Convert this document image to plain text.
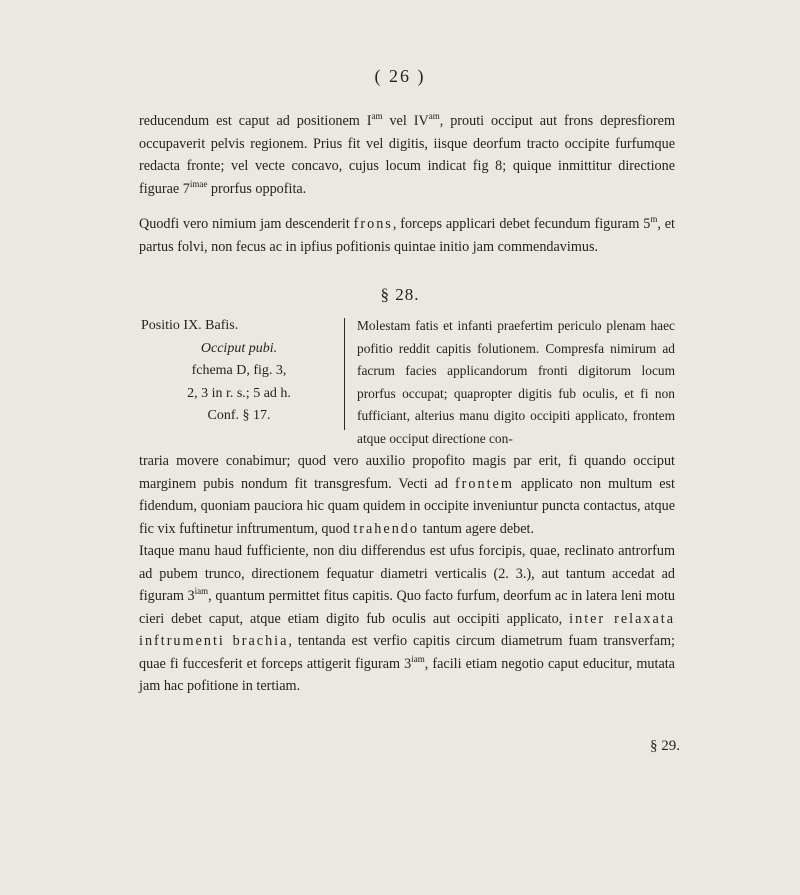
( 26 )

reducendum est caput ad positionem $I^{am}$ vel $IV^{am}$, prouti occiput aut frons depresfiorem occupaverit pelvis regionem. Prius fit vel digitis, iisque deorfum tracto occipite furfumque redacta fronte; vel vecte concavo, cujus locum indicat fig 8; quique inmittitur directione figurae $7^{imae}$ prorfus oppofita.

Quodfi vero nimium jam descenderit frons, forceps applicari debet fecundum figuram 5$^m$, et partus folvi, non fecus ac in ipfius pofitionis quintae initio jam commendavimus.

§ 28.
Positio IX. Bafis.
Occiput pubi.
fchema D, fig. 3,
2, 3 in r. s.; 5 ad h.
Conf. § 17.

Molestam fatis et infanti praefertim periculo plenam haec pofitio reddit capitis folutionem. Compresfa nimirum ad facrum facies applicandorum fronti digitorum locum prorfus occupat; quapropter digitis fub oculis, et fi non fufficiant, alterius manu digito occipiti applicato, frontem atque occiput directione con-

traria movere conabimur; quod vero auxilio propofito magis par erit, fi quando occiput marginem pubis nondum fit transgresfum. Vecti ad frontem applicato non multum est fidendum, quoniam pauciora hic quam quidem in occipite inveniuntur puncta contactus, atque fic vix fuftinetur inftrumentum, quod trahendo tantum agere debet.

Itaque manu haud fufficiente, non diu differendus est ufus forcipis, quae, reclinato antrorfum ad pubem trunco, directionem fequatur diametri verticalis (2. 3.), aut tantum accedat ad figuram $3^{iam}$, quantum permittet fitus capitis. Quo facto furfum, deorfum ac in latera leni motu cieri debet caput, atque etiam digito fub oculis aut occipiti applicato, inter relaxata inftrumenti brachia, tentanda est verfio capitis circum diametrum fuam transverfam; quae fi fuccesferit et forceps attigerit figuram $3^{iam}$, facili etiam negotio caput educitur, mutata jam hac pofitione in tertiam.

§ 29.
